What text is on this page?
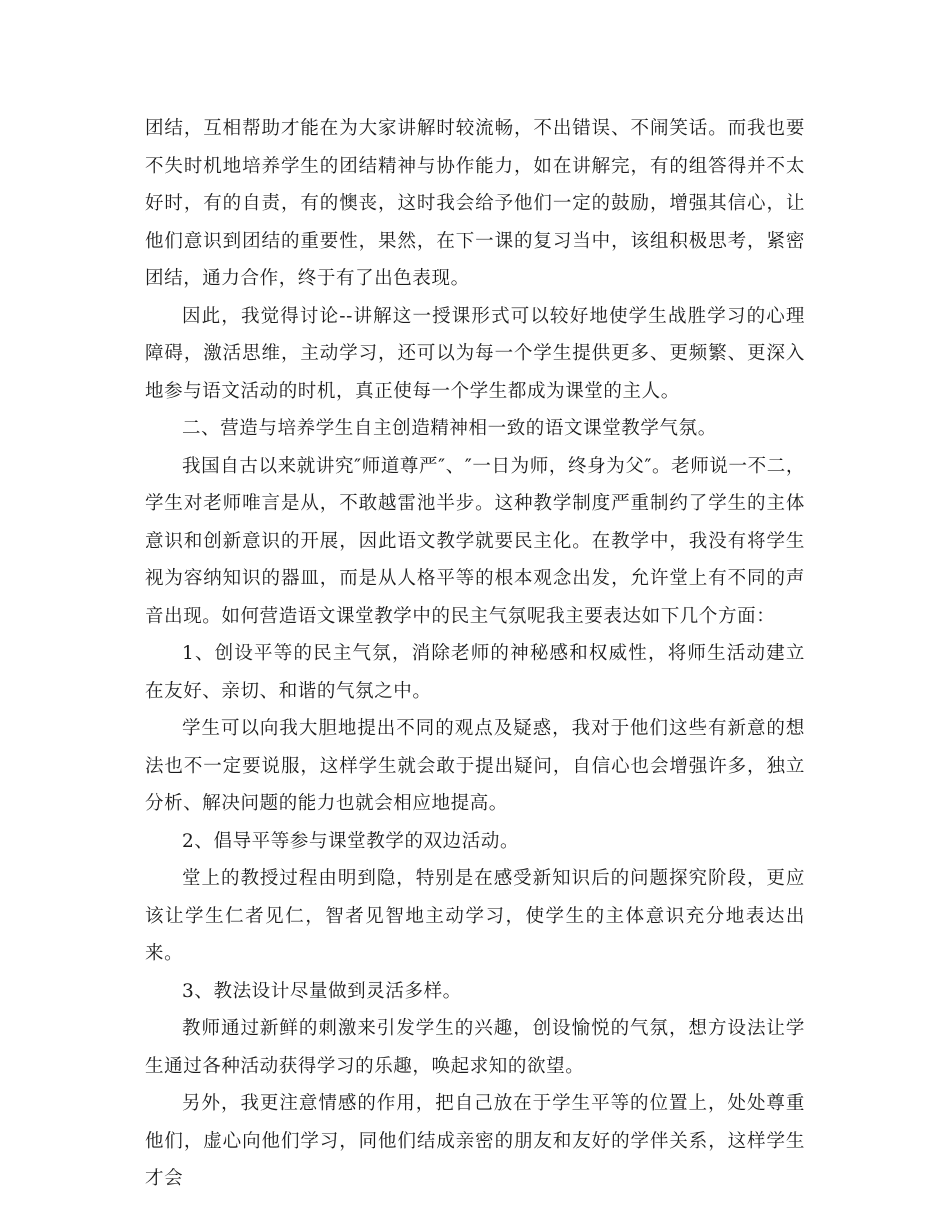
团结，互相帮助才能在为大家讲解时较流畅，不出错误、不闹笑话。而我也要不失时机地培养学生的团结精神与协作能力，如在讲解完，有的组答得并不太好时，有的自责，有的懊丧，这时我会给予他们一定的鼓励，增强其信心，让他们意识到团结的重要性，果然，在下一课的复习当中，该组积极思考，紧密团结，通力合作，终于有了出色表现。

因此，我觉得讨论--讲解这一授课形式可以较好地使学生战胜学习的心理障碍，激活思维，主动学习，还可以为每一个学生提供更多、更频繁、更深入地参与语文活动的时机，真正使每一个学生都成为课堂的主人。

二、营造与培养学生自主创造精神相一致的语文课堂教学气氛。

我国自古以来就讲究″师道尊严″、″一日为师，终身为父″。老师说一不二，学生对老师唯言是从，不敢越雷池半步。这种教学制度严重制约了学生的主体意识和创新意识的开展，因此语文教学就要民主化。在教学中，我没有将学生视为容纳知识的器皿，而是从人格平等的根本观念出发，允许堂上有不同的声音出现。如何营造语文课堂教学中的民主气氛呢我主要表达如下几个方面：

1、创设平等的民主气氛，消除老师的神秘感和权威性，将师生活动建立在友好、亲切、和谐的气氛之中。

学生可以向我大胆地提出不同的观点及疑惑，我对于他们这些有新意的想法也不一定要说服，这样学生就会敢于提出疑问，自信心也会增强许多，独立分析、解决问题的能力也就会相应地提高。

2、倡导平等参与课堂教学的双边活动。

堂上的教授过程由明到隐，特别是在感受新知识后的问题探究阶段，更应该让学生仁者见仁，智者见智地主动学习，使学生的主体意识充分地表达出来。

3、教法设计尽量做到灵活多样。

教师通过新鲜的刺激来引发学生的兴趣，创设愉悦的气氛，想方设法让学生通过各种活动获得学习的乐趣，唤起求知的欲望。

另外，我更注意情感的作用，把自己放在于学生平等的位置上，处处尊重他们，虚心向他们学习，同他们结成亲密的朋友和友好的学伴关系，这样学生才会
